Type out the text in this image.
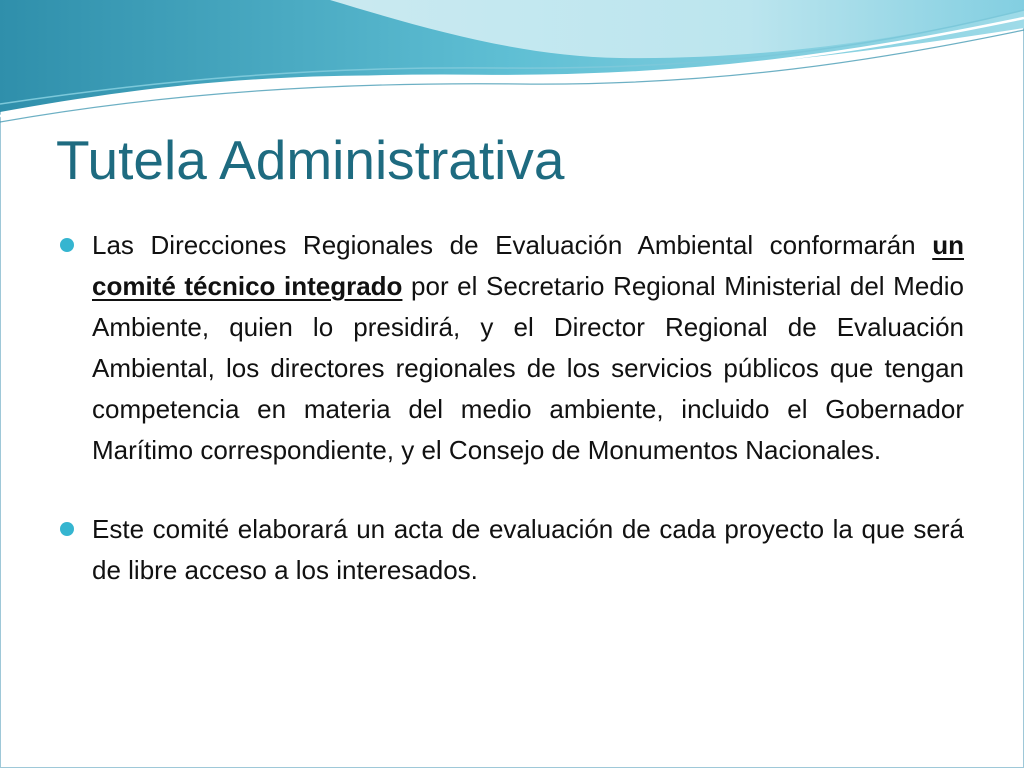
Tutela Administrativa
Las Direcciones Regionales de Evaluación Ambiental conformarán un comité técnico integrado por el Secretario Regional Ministerial del Medio Ambiente, quien lo presidirá, y el Director Regional de Evaluación Ambiental, los directores regionales de los servicios públicos que tengan competencia en materia del medio ambiente, incluido el Gobernador Marítimo correspondiente, y el Consejo de Monumentos Nacionales.
Este comité elaborará un acta de evaluación de cada proyecto la que será de libre acceso a los interesados.
